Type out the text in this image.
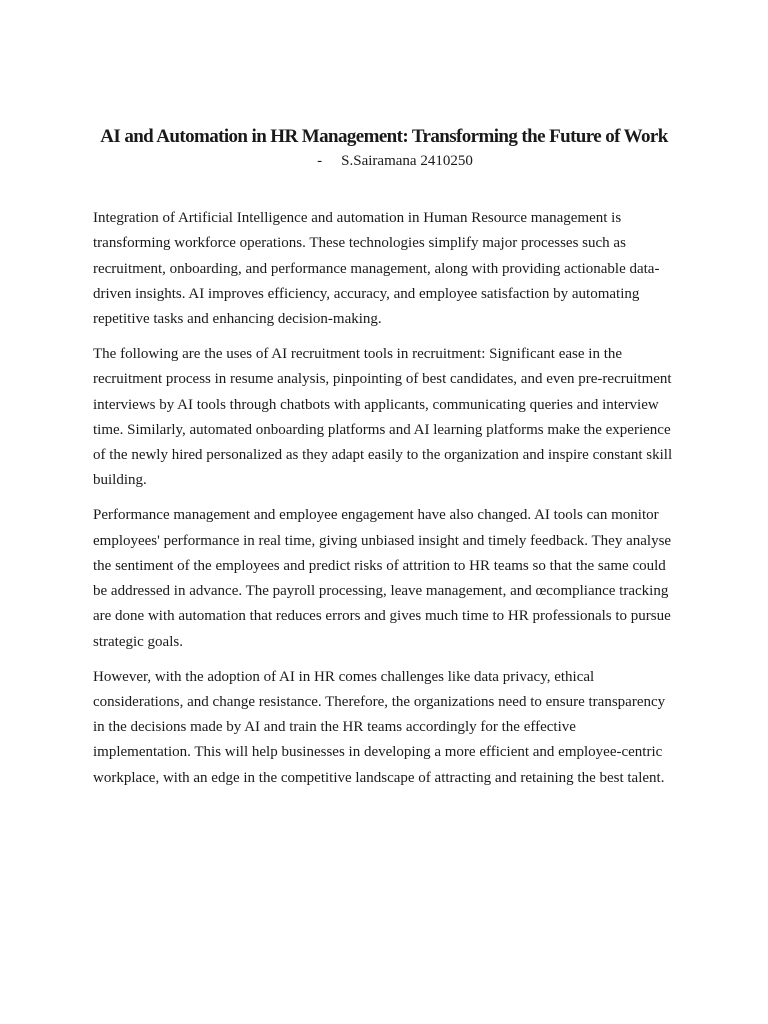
AI and Automation in HR Management: Transforming the Future of Work

- S.Sairamana 2410250

Integration of Artificial Intelligence and automation in Human Resource management is transforming workforce operations. These technologies simplify major processes such as recruitment, onboarding, and performance management, along with providing actionable data-driven insights. AI improves efficiency, accuracy, and employee satisfaction by automating repetitive tasks and enhancing decision-making.

The following are the uses of AI recruitment tools in recruitment: Significant ease in the recruitment process in resume analysis, pinpointing of best candidates, and even pre-recruitment interviews by AI tools through chatbots with applicants, communicating queries and interview time. Similarly, automated onboarding platforms and AI learning platforms make the experience of the newly hired personalized as they adapt easily to the organization and inspire constant skill building.

Performance management and employee engagement have also changed. AI tools can monitor employees' performance in real time, giving unbiased insight and timely feedback. They analyse the sentiment of the employees and predict risks of attrition to HR teams so that the same could be addressed in advance. The payroll processing, leave management, and œcompliance tracking are done with automation that reduces errors and gives much time to HR professionals to pursue strategic goals.

However, with the adoption of AI in HR comes challenges like data privacy, ethical considerations, and change resistance. Therefore, the organizations need to ensure transparency in the decisions made by AI and train the HR teams accordingly for the effective implementation. This will help businesses in developing a more efficient and employee-centric workplace, with an edge in the competitive landscape of attracting and retaining the best talent.
